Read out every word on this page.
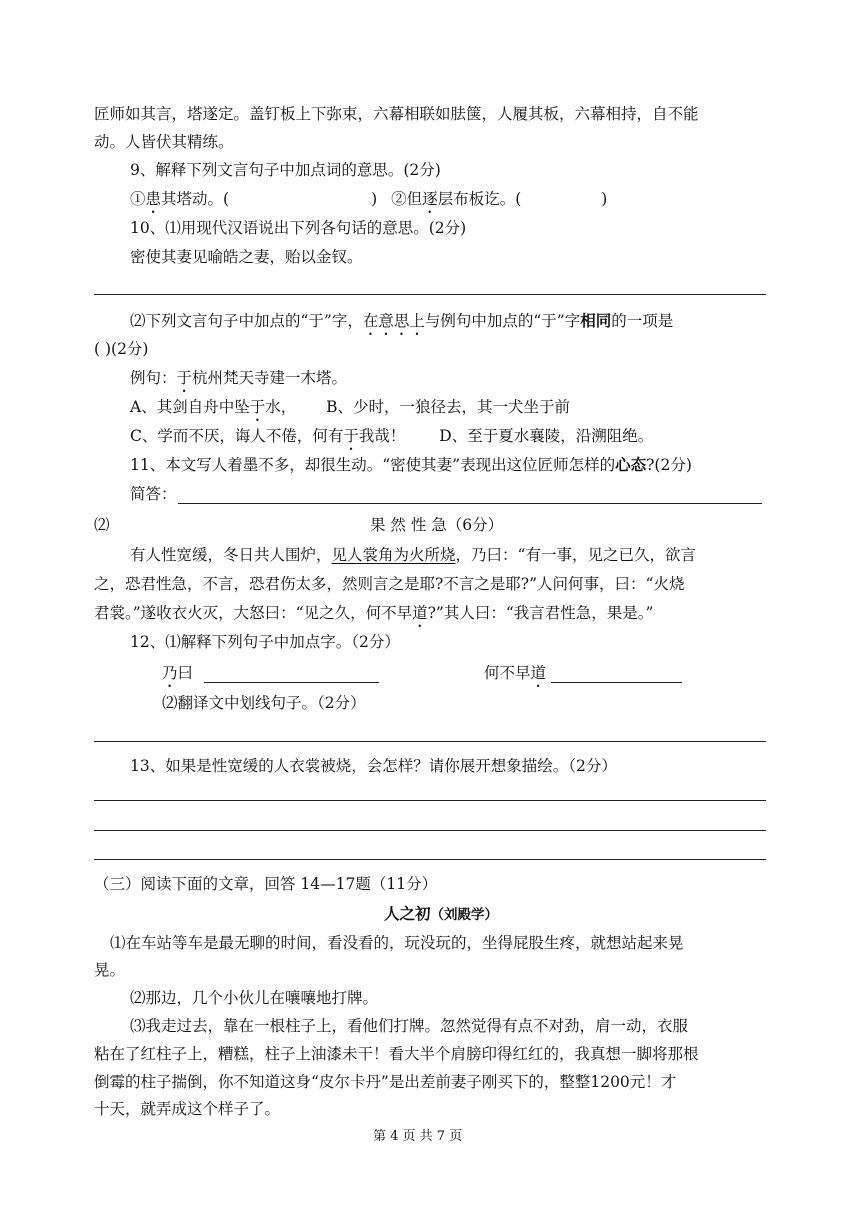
匠师如其言，塔遂定。盖钉板上下弥束，六幕相联如胠箧，人履其板，六幕相持，自不能
动。人皆伏其精练。
9、解释下列文言句子中加点词的意思。(2分)
①患其塔动。(	) ②但逐层布板讫。(	)
10、⑴用现代汉语说出下列各句话的意思。(2分)
密使其妻见喻皓之妻，贻以金钗。
⑵下列文言句子中加点的“于”字，在意思上与例句中加点的“于”字相同的一项是
( )(2分)
例句：于杭州梵天寺建一木塔。
A、其剑自舟中坠于水， B、少时，一狼径去，其一犬坐于前
C、学而不厌，诲人不倦，何有于我哉！ D、至于夏水襄陵，沿溯阻绝。
11、本文写人着墨不多，却很生动。“密使其妻”表现出这位匠师怎样的心态?(2分)
简答：
⑵	果 然 性 急（6分）
有人性宽缓，冬日共人围炉，见人裳角为火所烧，乃曰：“有一事，见之已久，欲言
之，恐君性急，不言，恐君伤太多，然则言之是耶?不言之是耶?”人问何事，曰：“火烧
君裳。”遂收衣火灭，大怒曰：“见之久，何不早道?”其人曰：“我言君性急，果是。”
12、⑴解释下列句子中加点字。（2分）
乃曰	何不早道
⑵翻译文中划线句子。（2分）
13、如果是性宽缓的人衣裳被烧，会怎样？请你展开想象描绘。（2分）
（三）阅读下面的文章，回答 14—17题（11分）
人之初（刘殿学）
⑴在车站等车是最无聊的时间，看没看的，玩没玩的，坐得屁股生疼，就想站起来晃
晃。
⑵那边，几个小伙儿在嚷嚷地打牌。
⑶我走过去，靠在一根柱子上，看他们打牌。忽然觉得有点不对劲，肩一动，衣服
粘在了红柱子上，糟糕，柱子上油漆未干！看大半个肩膀印得红红的，我真想一脚将那根
倒霉的柱子揣倒，你不知道这身“皮尔卡丹”是出差前妻子刚买下的，整整1200元！才
十天，就弄成这个样子了。
第 4 页 共 7 页
